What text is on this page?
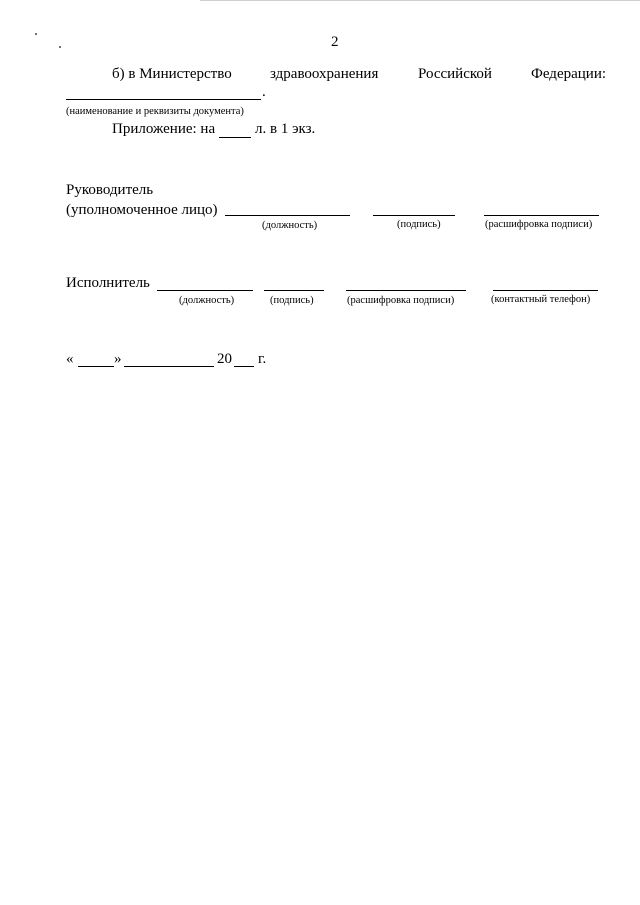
2
б) в Министерство	здравоохранения	Российской	Федерации:
.
(наименование и реквизиты документа)
Приложение: на	л. в 1 экз.
Руководитель
(уполномоченное лицо)
(должность)	(подпись)	(расшифровка подписи)
Исполнитель
(должность)	(подпись)	(расшифровка подписи)	(контактный телефон)
«	»	20 г.
